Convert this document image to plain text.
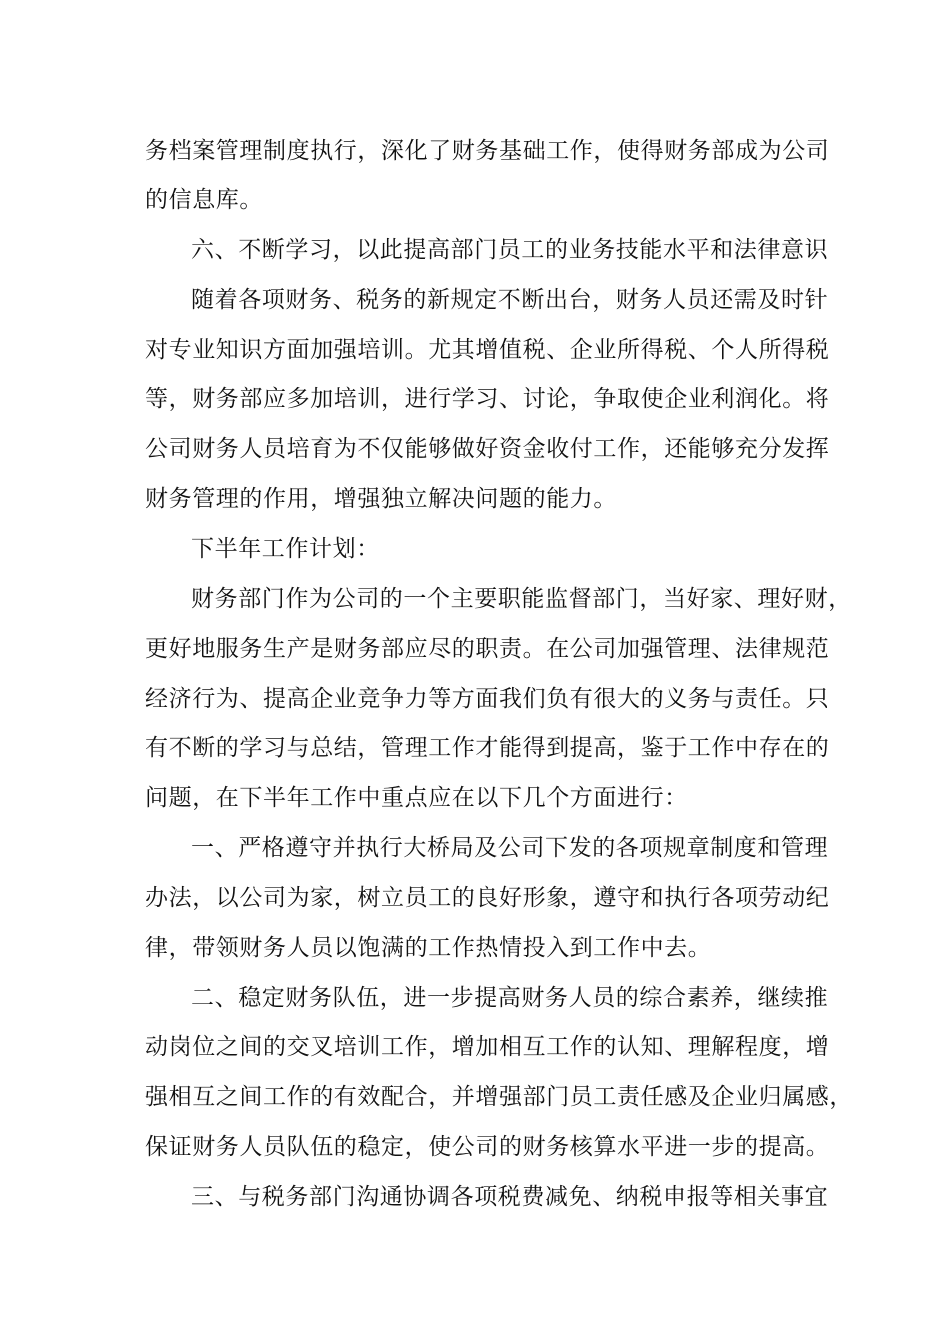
务档案管理制度执行，深化了财务基础工作，使得财务部成为公司
的信息库。
六、不断学习，以此提高部门员工的业务技能水平和法律意识
随着各项财务、税务的新规定不断出台，财务人员还需及时针
对专业知识方面加强培训。尤其增值税、企业所得税、个人所得税
等，财务部应多加培训，进行学习、讨论，争取使企业利润化。将
公司财务人员培育为不仅能够做好资金收付工作，还能够充分发挥
财务管理的作用，增强独立解决问题的能力。
下半年工作计划：
财务部门作为公司的一个主要职能监督部门，当好家、理好财，
更好地服务生产是财务部应尽的职责。在公司加强管理、法律规范
经济行为、提高企业竞争力等方面我们负有很大的义务与责任。只
有不断的学习与总结，管理工作才能得到提高，鉴于工作中存在的
问题，在下半年工作中重点应在以下几个方面进行：
一、严格遵守并执行大桥局及公司下发的各项规章制度和管理
办法，以公司为家，树立员工的良好形象，遵守和执行各项劳动纪
律，带领财务人员以饱满的工作热情投入到工作中去。
二、稳定财务队伍，进一步提高财务人员的综合素养，继续推
动岗位之间的交叉培训工作，增加相互工作的认知、理解程度，增
强相互之间工作的有效配合，并增强部门员工责任感及企业归属感，
保证财务人员队伍的稳定，使公司的财务核算水平进一步的提高。
三、与税务部门沟通协调各项税费减免、纳税申报等相关事宜
